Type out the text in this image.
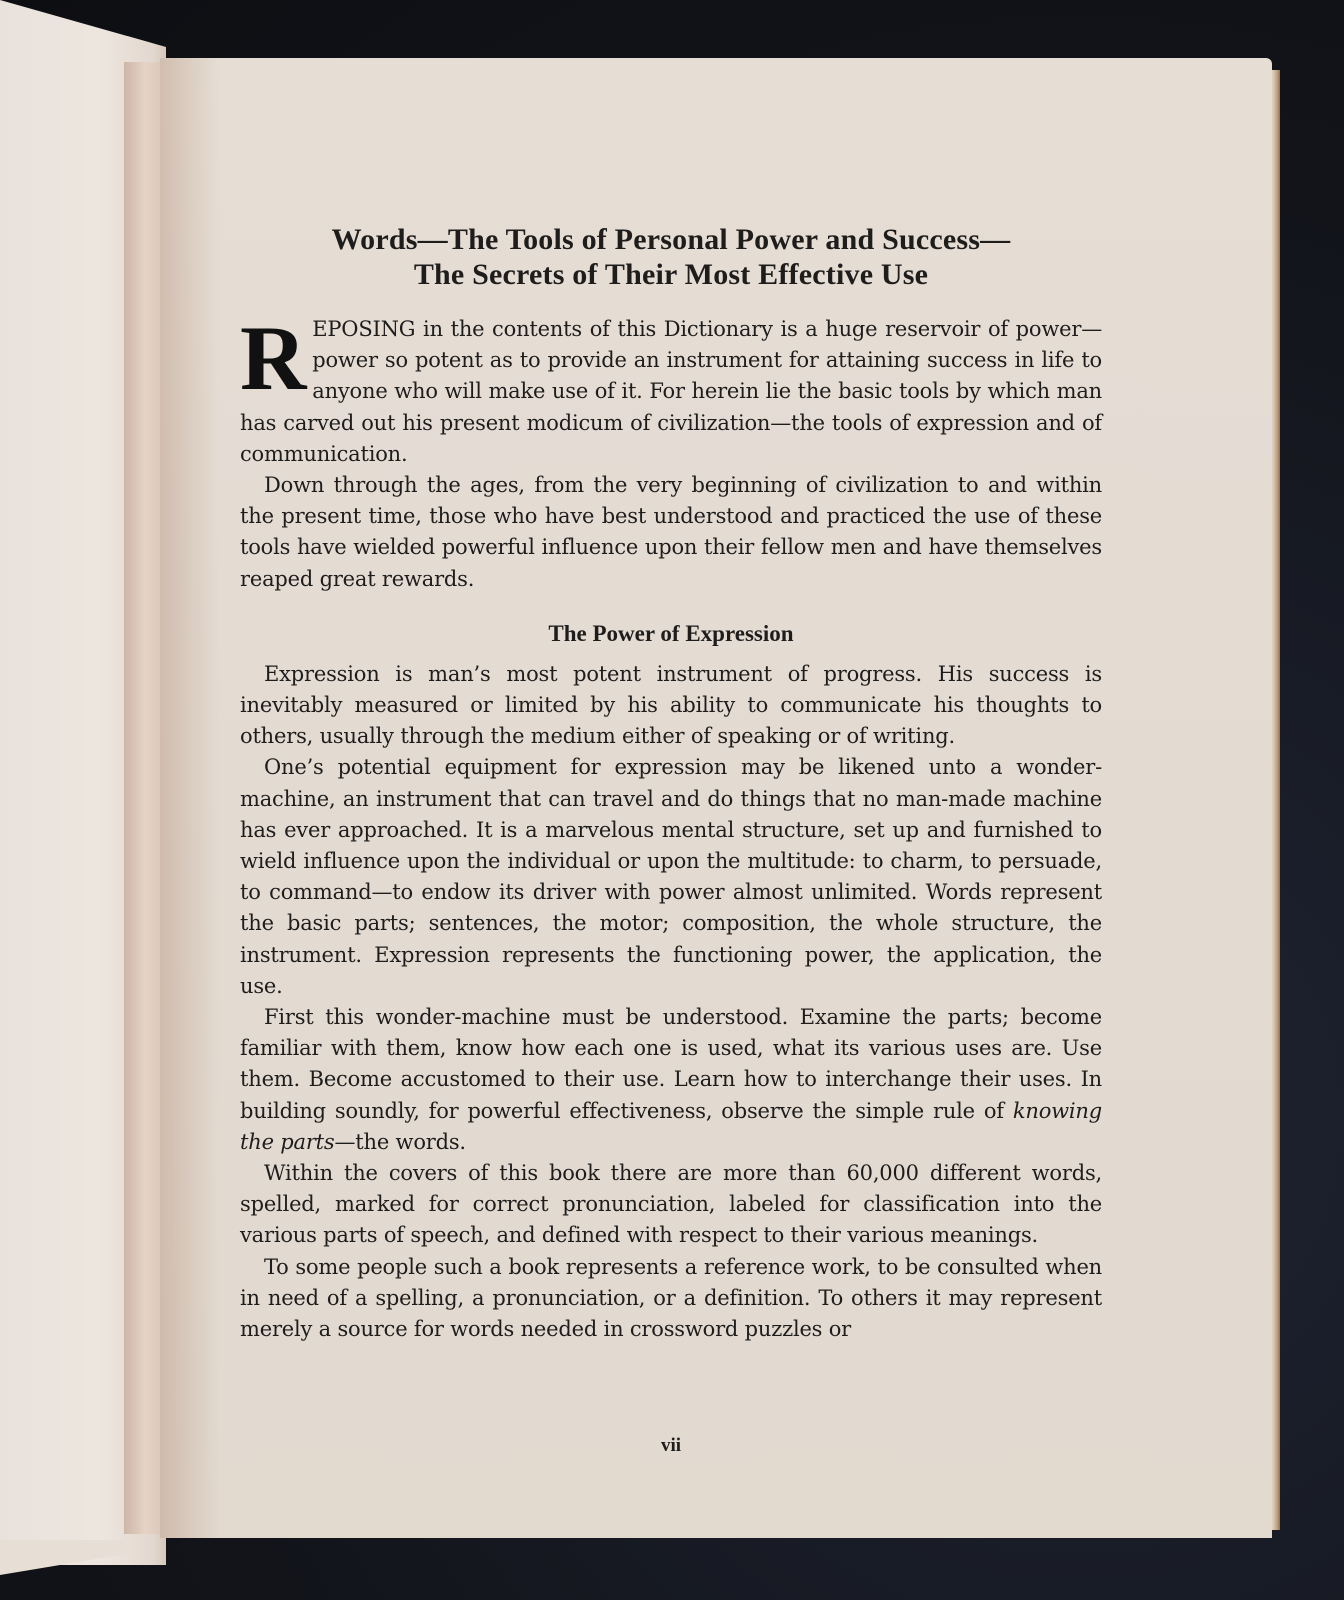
Words—The Tools of Personal Power and Success—
The Secrets of Their Most Effective Use

REPOSING in the contents of this Dictionary is a huge reservoir of power—power so potent as to provide an instrument for attaining success in life to anyone who will make use of it. For herein lie the basic tools by which man has carved out his present modicum of civilization—the tools of expression and of communication.

Down through the ages, from the very beginning of civilization to and within the present time, those who have best understood and practiced the use of these tools have wielded powerful influence upon their fellow men and have themselves reaped great rewards.

The Power of Expression

Expression is man’s most potent instrument of progress. His success is inevitably measured or limited by his ability to communicate his thoughts to others, usually through the medium either of speaking or of writing.

One’s potential equipment for expression may be likened unto a wonder-machine, an instrument that can travel and do things that no man-made machine has ever approached. It is a marvelous mental structure, set up and furnished to wield influence upon the individual or upon the multitude: to charm, to persuade, to command—to endow its driver with power almost unlimited. Words represent the basic parts; sentences, the motor; composition, the whole structure, the instrument. Expression represents the functioning power, the application, the use.

First this wonder-machine must be understood. Examine the parts; become familiar with them, know how each one is used, what its various uses are. Use them. Become accustomed to their use. Learn how to interchange their uses. In building soundly, for powerful effectiveness, observe the simple rule of knowing the parts—the words.

Within the covers of this book there are more than 60,000 different words, spelled, marked for correct pronunciation, labeled for classification into the various parts of speech, and defined with respect to their various meanings.

To some people such a book represents a reference work, to be consulted when in need of a spelling, a pronunciation, or a definition. To others it may represent merely a source for words needed in crossword puzzles or

vii
